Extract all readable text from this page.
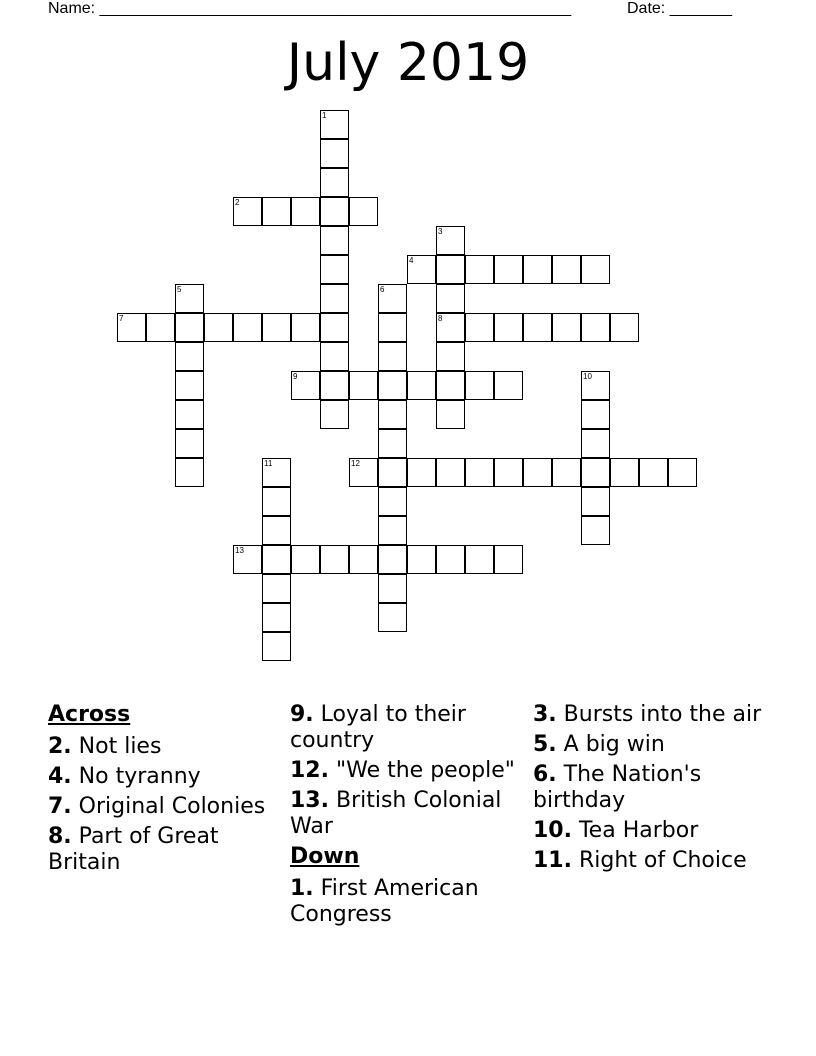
Name: _____________________________________________________	Date: _______
July 2019
1
2
3
4
5	6
7	8
9	10
11	12
13
Across
2. Not lies
4. No tyranny
7. Original Colonies
8. Part of Great Britain
9. Loyal to their country
12. "We the people"
13. British Colonial War
Down
1. First American Congress
3. Bursts into the air
5. A big win
6. The Nation's birthday
10. Tea Harbor
11. Right of Choice
